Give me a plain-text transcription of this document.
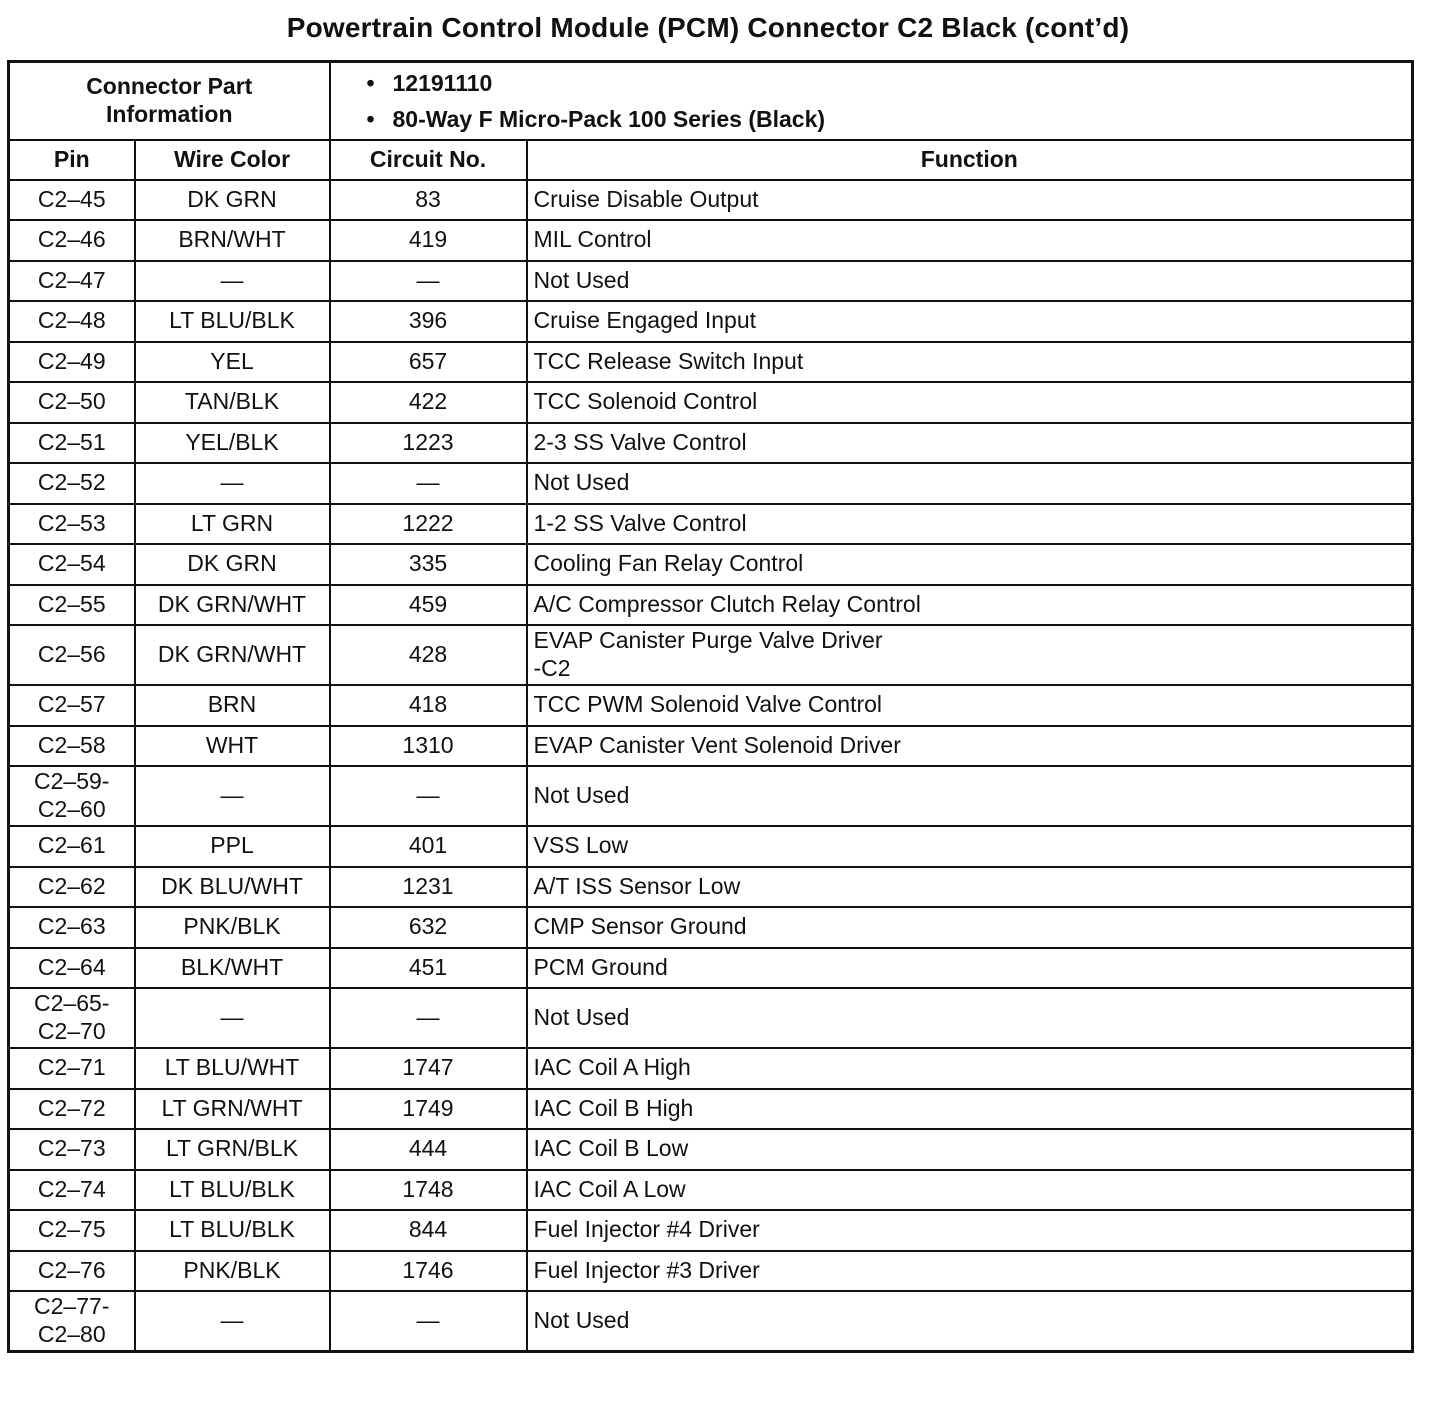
Powertrain Control Module (PCM) Connector C2 Black (cont’d)
Connector Part
Information		• 12191110
• 80-Way F Micro-Pack 100 Series (Black)	

Pin	Wire Color	Circuit No.	Function

C2–45	DK GRN	83	Cruise Disable Output

C2–46	BRN/WHT	419	MIL Control

C2–47	—	—	Not Used

C2–48	LT BLU/BLK	396	Cruise Engaged Input

C2–49	YEL	657	TCC Release Switch Input

C2–50	TAN/BLK	422	TCC Solenoid Control

C2–51	YEL/BLK	1223	2-3 SS Valve Control

C2–52	—	—	Not Used

C2–53	LT GRN	1222	1-2 SS Valve Control

C2–54	DK GRN	335	Cooling Fan Relay Control

C2–55	DK GRN/WHT	459	A/C Compressor Clutch Relay Control

C2–56	DK GRN/WHT	428	EVAP Canister Purge Valve Driver
-C2

C2–57	BRN	418	TCC PWM Solenoid Valve Control

C2–58	WHT	1310	EVAP Canister Vent Solenoid Driver

C2–59-
C2–60	—	—	Not Used

C2–61	PPL	401	VSS Low

C2–62	DK BLU/WHT	1231	A/T ISS Sensor Low

C2–63	PNK/BLK	632	CMP Sensor Ground

C2–64	BLK/WHT	451	PCM Ground

C2–65-
C2–70	—	—	Not Used

C2–71	LT BLU/WHT	1747	IAC Coil A High

C2–72	LT GRN/WHT	1749	IAC Coil B High

C2–73	LT GRN/BLK	444	IAC Coil B Low

C2–74	LT BLU/BLK	1748	IAC Coil A Low

C2–75	LT BLU/BLK	844	Fuel Injector #4 Driver

C2–76	PNK/BLK	1746	Fuel Injector #3 Driver

C2–77-
C2–80	—	—	Not Used
